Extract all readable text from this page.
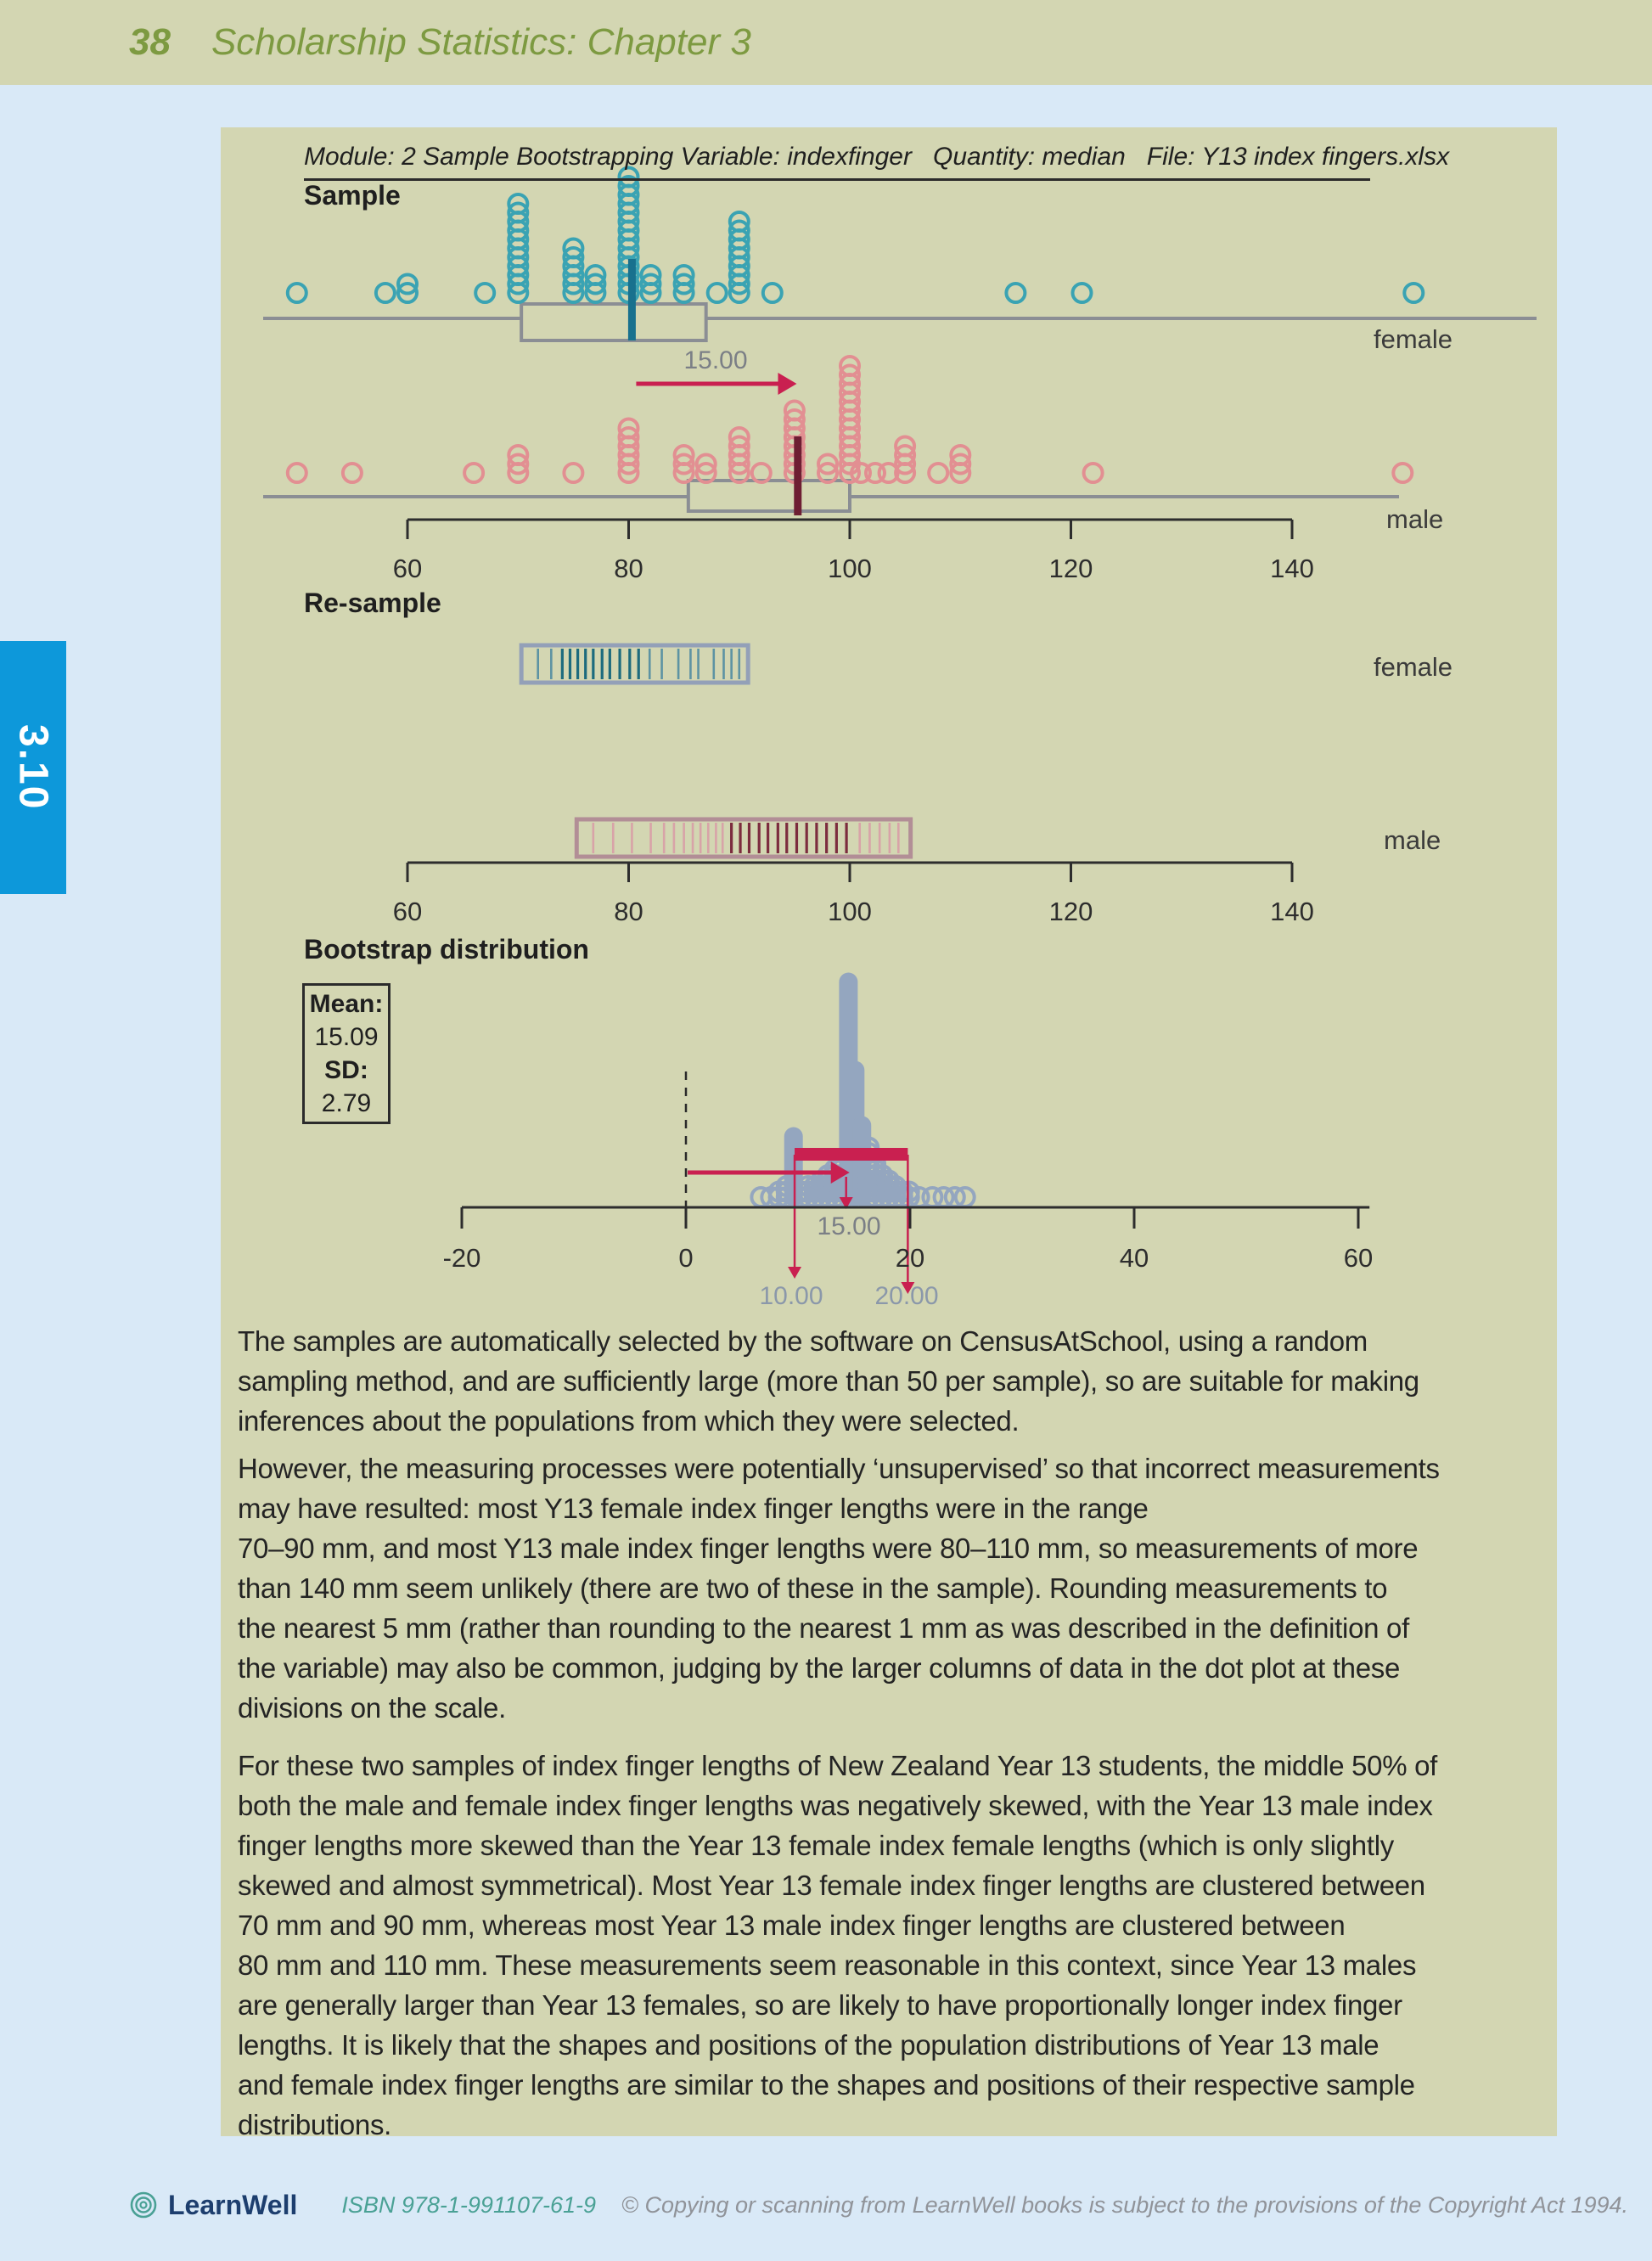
38 Scholarship Statistics: Chapter 3
3.10
Module: 2 Sample Bootstrapping Variable: indexfinger   Quantity: median   File: Y13 index fingers.xlsx
Sample
female
15.00
male
Re-sample
female
male
Bootstrap distribution
Mean:
15.09
SD:
2.79
15.00
10.00	20.00
60	80	100	120	140
60	80	100	120	140
-20	0	20	40	60
The samples are automatically selected by the software on CensusAtSchool, using a random
sampling method, and are sufficiently large (more than 50 per sample), so are suitable for making
inferences about the populations from which they were selected.
However, the measuring processes were potentially ‘unsupervised’ so that incorrect measurements
may have resulted: most Y13 female index finger lengths were in the range
70–90 mm, and most Y13 male index finger lengths were 80–110 mm, so measurements of more
than 140 mm seem unlikely (there are two of these in the sample). Rounding measurements to
the nearest 5 mm (rather than rounding to the nearest 1 mm as was described in the definition of
the variable) may also be common, judging by the larger columns of data in the dot plot at these
divisions on the scale.
For these two samples of index finger lengths of New Zealand Year 13 students, the middle 50% of
both the male and female index finger lengths was negatively skewed, with the Year 13 male index
finger lengths more skewed than the Year 13 female index female lengths (which is only slightly
skewed and almost symmetrical). Most Year 13 female index finger lengths are clustered between
70 mm and 90 mm, whereas most Year 13 male index finger lengths are clustered between
80 mm and 110 mm. These measurements seem reasonable in this context, since Year 13 males
are generally larger than Year 13 females, so are likely to have proportionally longer index finger
lengths. It is likely that the shapes and positions of the population distributions of Year 13 male
and female index finger lengths are similar to the shapes and positions of their respective sample
distributions.
LearnWell ISBN 978-1-991107-61-9 © Copying or scanning from LearnWell books is subject to the provisions of the Copyright Act 1994.
